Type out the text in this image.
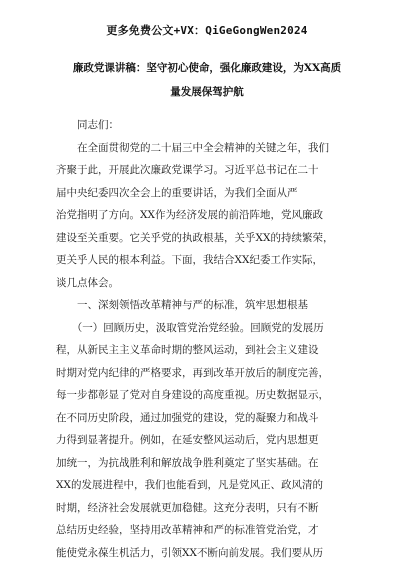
更多免费公文+VX：QiGeGongWen2024
廉政党课讲稿：坚守初心使命，强化廉政建设，为XX高质
量发展保驾护航

同志们：

　　在全面贯彻党的二十届三中全会精神的关键之年，我们
齐聚于此，开展此次廉政党课学习。习近平总书记在二十
届中央纪委四次全会上的重要讲话，为我们全面从严
治党指明了方向。XX作为经济发展的前沿阵地，党风廉政
建设至关重要。它关乎党的执政根基，关乎XX的持续繁荣，
更关乎人民的根本利益。下面，我结合XX纪委工作实际，
谈几点体会。

　　一、深刻领悟改革精神与严的标准，筑牢思想根基

　　（一）回顾历史，汲取管党治党经验。回顾党的发展历
程，从新民主主义革命时期的整风运动，到社会主义建设
时期对党内纪律的严格要求，再到改革开放后的制度完善，
每一步都彰显了党对自身建设的高度重视。历史数据显示，
在不同历史阶段，通过加强党的建设，党的凝聚力和战斗
力得到显著提升。例如，在延安整风运动后，党内思想更
加统一，为抗战胜利和解放战争胜利奠定了坚实基础。在
XX的发展进程中，我们也能看到，凡是党风正、政风清的
时期，经济社会发展就更加稳健。这充分表明，只有不断
总结历史经验，坚持用改革精神和严的标准管党治党，才
能使党永葆生机活力，引领XX不断向前发展。我们要从历
